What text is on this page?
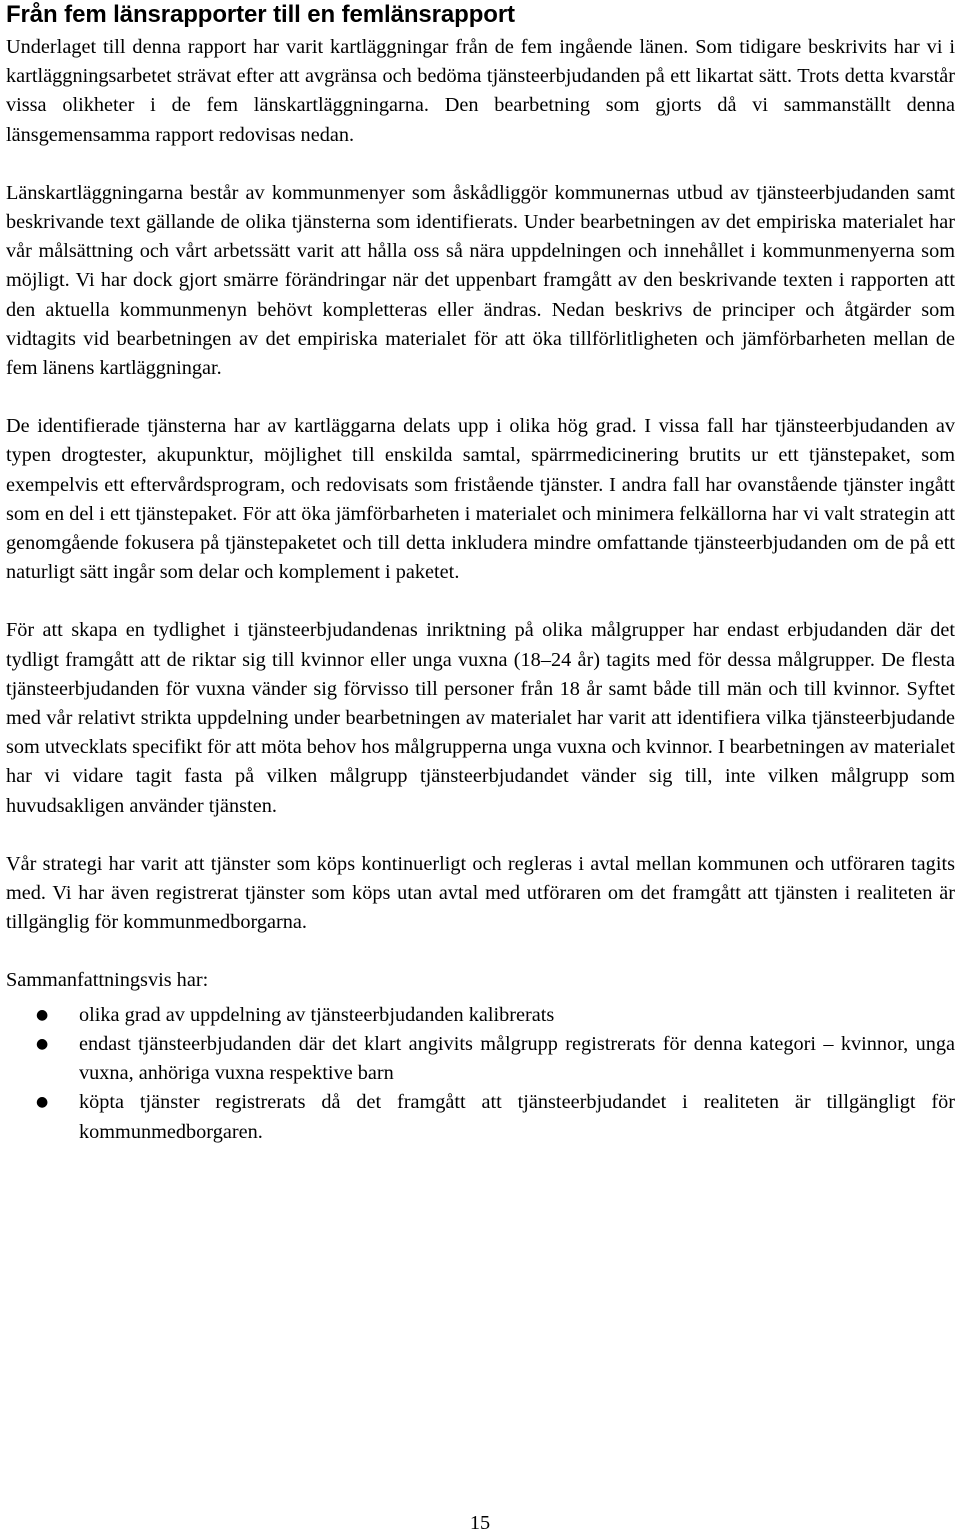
Från fem länsrapporter till en femlänsrapport

Underlaget till denna rapport har varit kartläggningar från de fem ingående länen. Som tidigare beskrivits har vi i kartläggningsarbetet strävat efter att avgränsa och bedöma tjänsteerbjudanden på ett likartat sätt. Trots detta kvarstår vissa olikheter i de fem länskartläggningarna. Den bearbetning som gjorts då vi sammanställt denna länsgemensamma rapport redovisas nedan.

Länskartläggningarna består av kommunmenyer som åskådliggör kommunernas utbud av tjänsteerbjudanden samt beskrivande text gällande de olika tjänsterna som identifierats. Under bearbetningen av det empiriska materialet har vår målsättning och vårt arbetssätt varit att hålla oss så nära uppdelningen och innehållet i kommunmenyerna som möjligt. Vi har dock gjort smärre förändringar när det uppenbart framgått av den beskrivande texten i rapporten att den aktuella kommunmenyn behövt kompletteras eller ändras. Nedan beskrivs de principer och åtgärder som vidtagits vid bearbetningen av det empiriska materialet för att öka tillförlitligheten och jämförbarheten mellan de fem länens kartläggningar.

De identifierade tjänsterna har av kartläggarna delats upp i olika hög grad. I vissa fall har tjänsteerbjudanden av typen drogtester, akupunktur, möjlighet till enskilda samtal, spärrmedicinering brutits ur ett tjänstepaket, som exempelvis ett eftervårdsprogram, och redovisats som fristående tjänster. I andra fall har ovanstående tjänster ingått som en del i ett tjänstepaket. För att öka jämförbarheten i materialet och minimera felkällorna har vi valt strategin att genomgående fokusera på tjänstepaketet och till detta inkludera mindre omfattande tjänsteerbjudanden om de på ett naturligt sätt ingår som delar och komplement i paketet.

För att skapa en tydlighet i tjänsteerbjudandenas inriktning på olika målgrupper har endast erbjudanden där det tydligt framgått att de riktar sig till kvinnor eller unga vuxna (18–24 år) tagits med för dessa målgrupper. De flesta tjänsteerbjudanden för vuxna vänder sig förvisso till personer från 18 år samt både till män och till kvinnor. Syftet med vår relativt strikta uppdelning under bearbetningen av materialet har varit att identifiera vilka tjänsteerbjudande som utvecklats specifikt för att möta behov hos målgrupperna unga vuxna och kvinnor. I bearbetningen av materialet har vi vidare tagit fasta på vilken målgrupp tjänsteerbjudandet vänder sig till, inte vilken målgrupp som huvudsakligen använder tjänsten.

Vår strategi har varit att tjänster som köps kontinuerligt och regleras i avtal mellan kommunen och utföraren tagits med. Vi har även registrerat tjänster som köps utan avtal med utföraren om det framgått att tjänsten i realiteten är tillgänglig för kommunmedborgarna.

Sammanfattningsvis har:

● olika grad av uppdelning av tjänsteerbjudanden kalibrerats
● endast tjänsteerbjudanden där det klart angivits målgrupp registrerats för denna kategori – kvinnor, unga vuxna, anhöriga vuxna respektive barn
● köpta tjänster registrerats då det framgått att tjänsteerbjudandet i realiteten är tillgängligt för kommunmedborgaren.
15
